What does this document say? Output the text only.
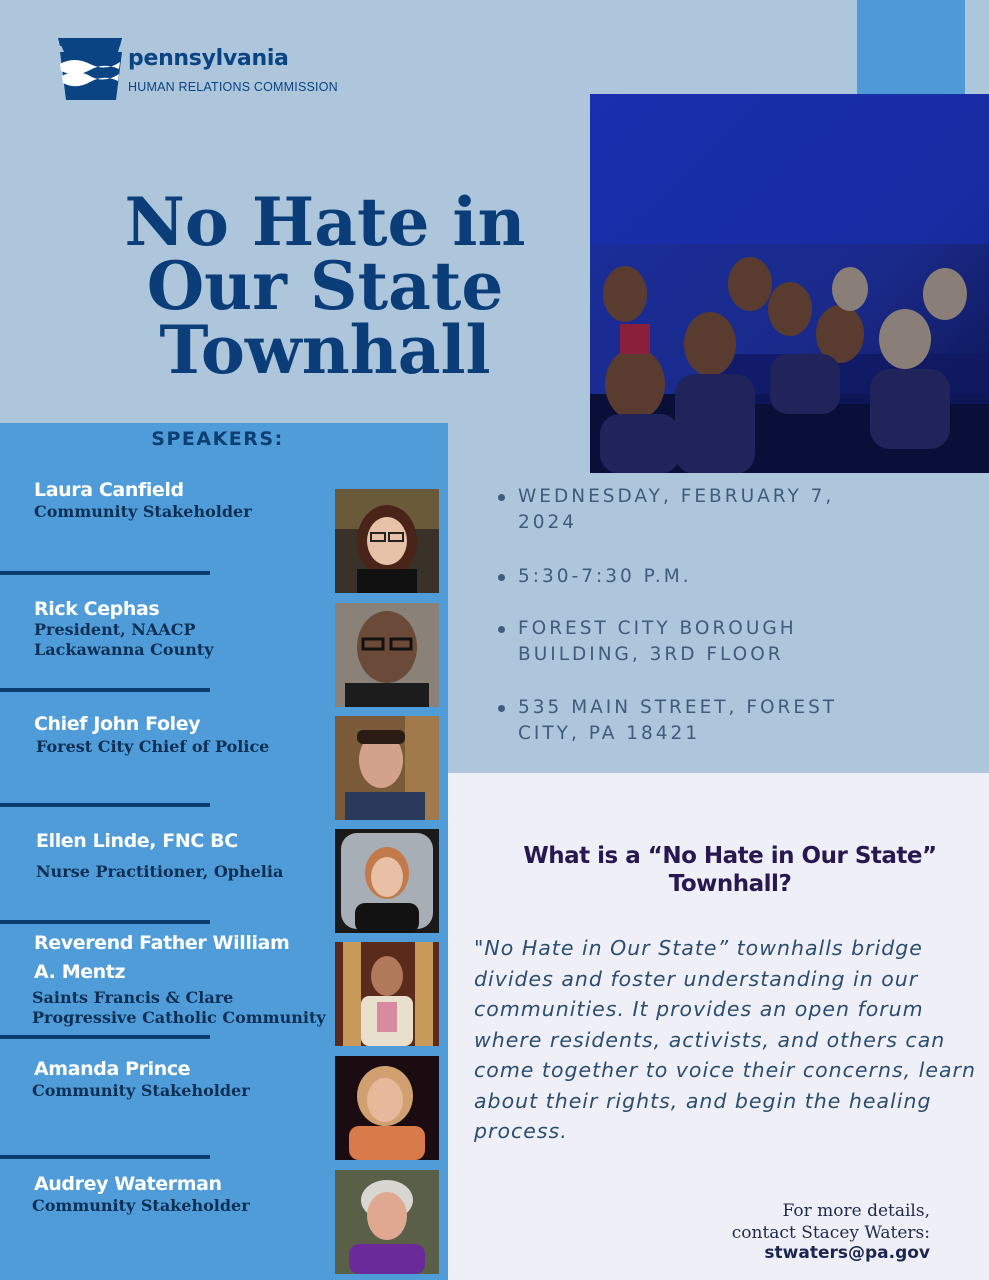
pennsylvania
HUMAN RELATIONS COMMISSION
No Hate in
Our State
Townhall
SPEAKERS:
Laura Canfield
Community Stakeholder
Rick Cephas
President, NAACP
Lackawanna County
Chief John Foley
Forest City Chief of Police
Ellen Linde, FNC BC
Nurse Practitioner, Ophelia
Reverend Father William
A. Mentz
Saints Francis & Clare
Progressive Catholic Community
Amanda Prince
Community Stakeholder
Audrey Waterman
Community Stakeholder
WEDNESDAY, FEBRUARY 7,
2024
5:30-7:30 P.M.
FOREST CITY BOROUGH
BUILDING, 3RD FLOOR
535 MAIN STREET, FOREST
CITY, PA 18421
What is a “No Hate in Our State”
Townhall?
"No Hate in Our State” townhalls bridge divides and foster understanding in our communities. It provides an open forum where residents, activists, and others can come together to voice their concerns, learn about their rights, and begin the healing process.
For more details,
contact Stacey Waters:
stwaters@pa.gov
